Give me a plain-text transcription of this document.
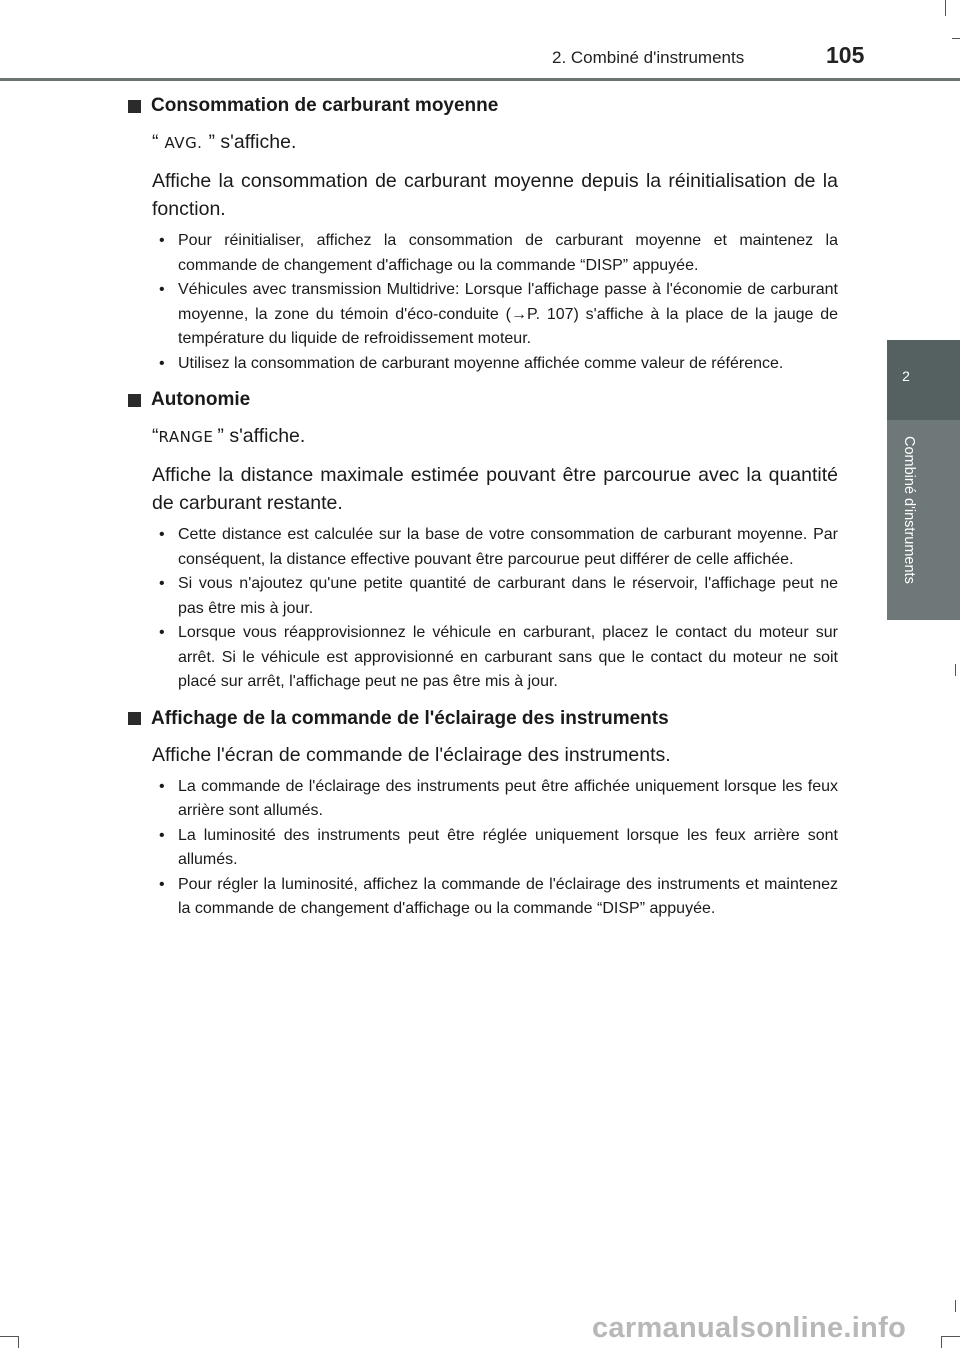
2. Combiné d'instruments	105
2
Combiné d'instruments
Consommation de carburant moyenne
“ AVG. ” s'affiche.
Affiche la consommation de carburant moyenne depuis la réinitialisation de la fonction.
• Pour réinitialiser, affichez la consommation de carburant moyenne et maintenez la commande de changement d'affichage ou la commande “DISP” appuyée.
• Véhicules avec transmission Multidrive: Lorsque l'affichage passe à l'économie de carburant moyenne, la zone du témoin d'éco-conduite (→P. 107) s'affiche à la place de la jauge de température du liquide de refroidissement moteur.
• Utilisez la consommation de carburant moyenne affichée comme valeur de référence.
Autonomie
“RANGE ” s'affiche.
Affiche la distance maximale estimée pouvant être parcourue avec la quantité de carburant restante.
• Cette distance est calculée sur la base de votre consommation de carburant moyenne. Par conséquent, la distance effective pouvant être parcourue peut différer de celle affichée.
• Si vous n'ajoutez qu'une petite quantité de carburant dans le réservoir, l'affichage peut ne pas être mis à jour.
• Lorsque vous réapprovisionnez le véhicule en carburant, placez le contact du moteur sur arrêt. Si le véhicule est approvisionné en carburant sans que le contact du moteur ne soit placé sur arrêt, l'affichage peut ne pas être mis à jour.
Affichage de la commande de l'éclairage des instruments
Affiche l'écran de commande de l'éclairage des instruments.
• La commande de l'éclairage des instruments peut être affichée uniquement lorsque les feux arrière sont allumés.
• La luminosité des instruments peut être réglée uniquement lorsque les feux arrière sont allumés.
• Pour régler la luminosité, affichez la commande de l'éclairage des instruments et maintenez la commande de changement d'affichage ou la commande “DISP” appuyée.
carmanualsonline.info
